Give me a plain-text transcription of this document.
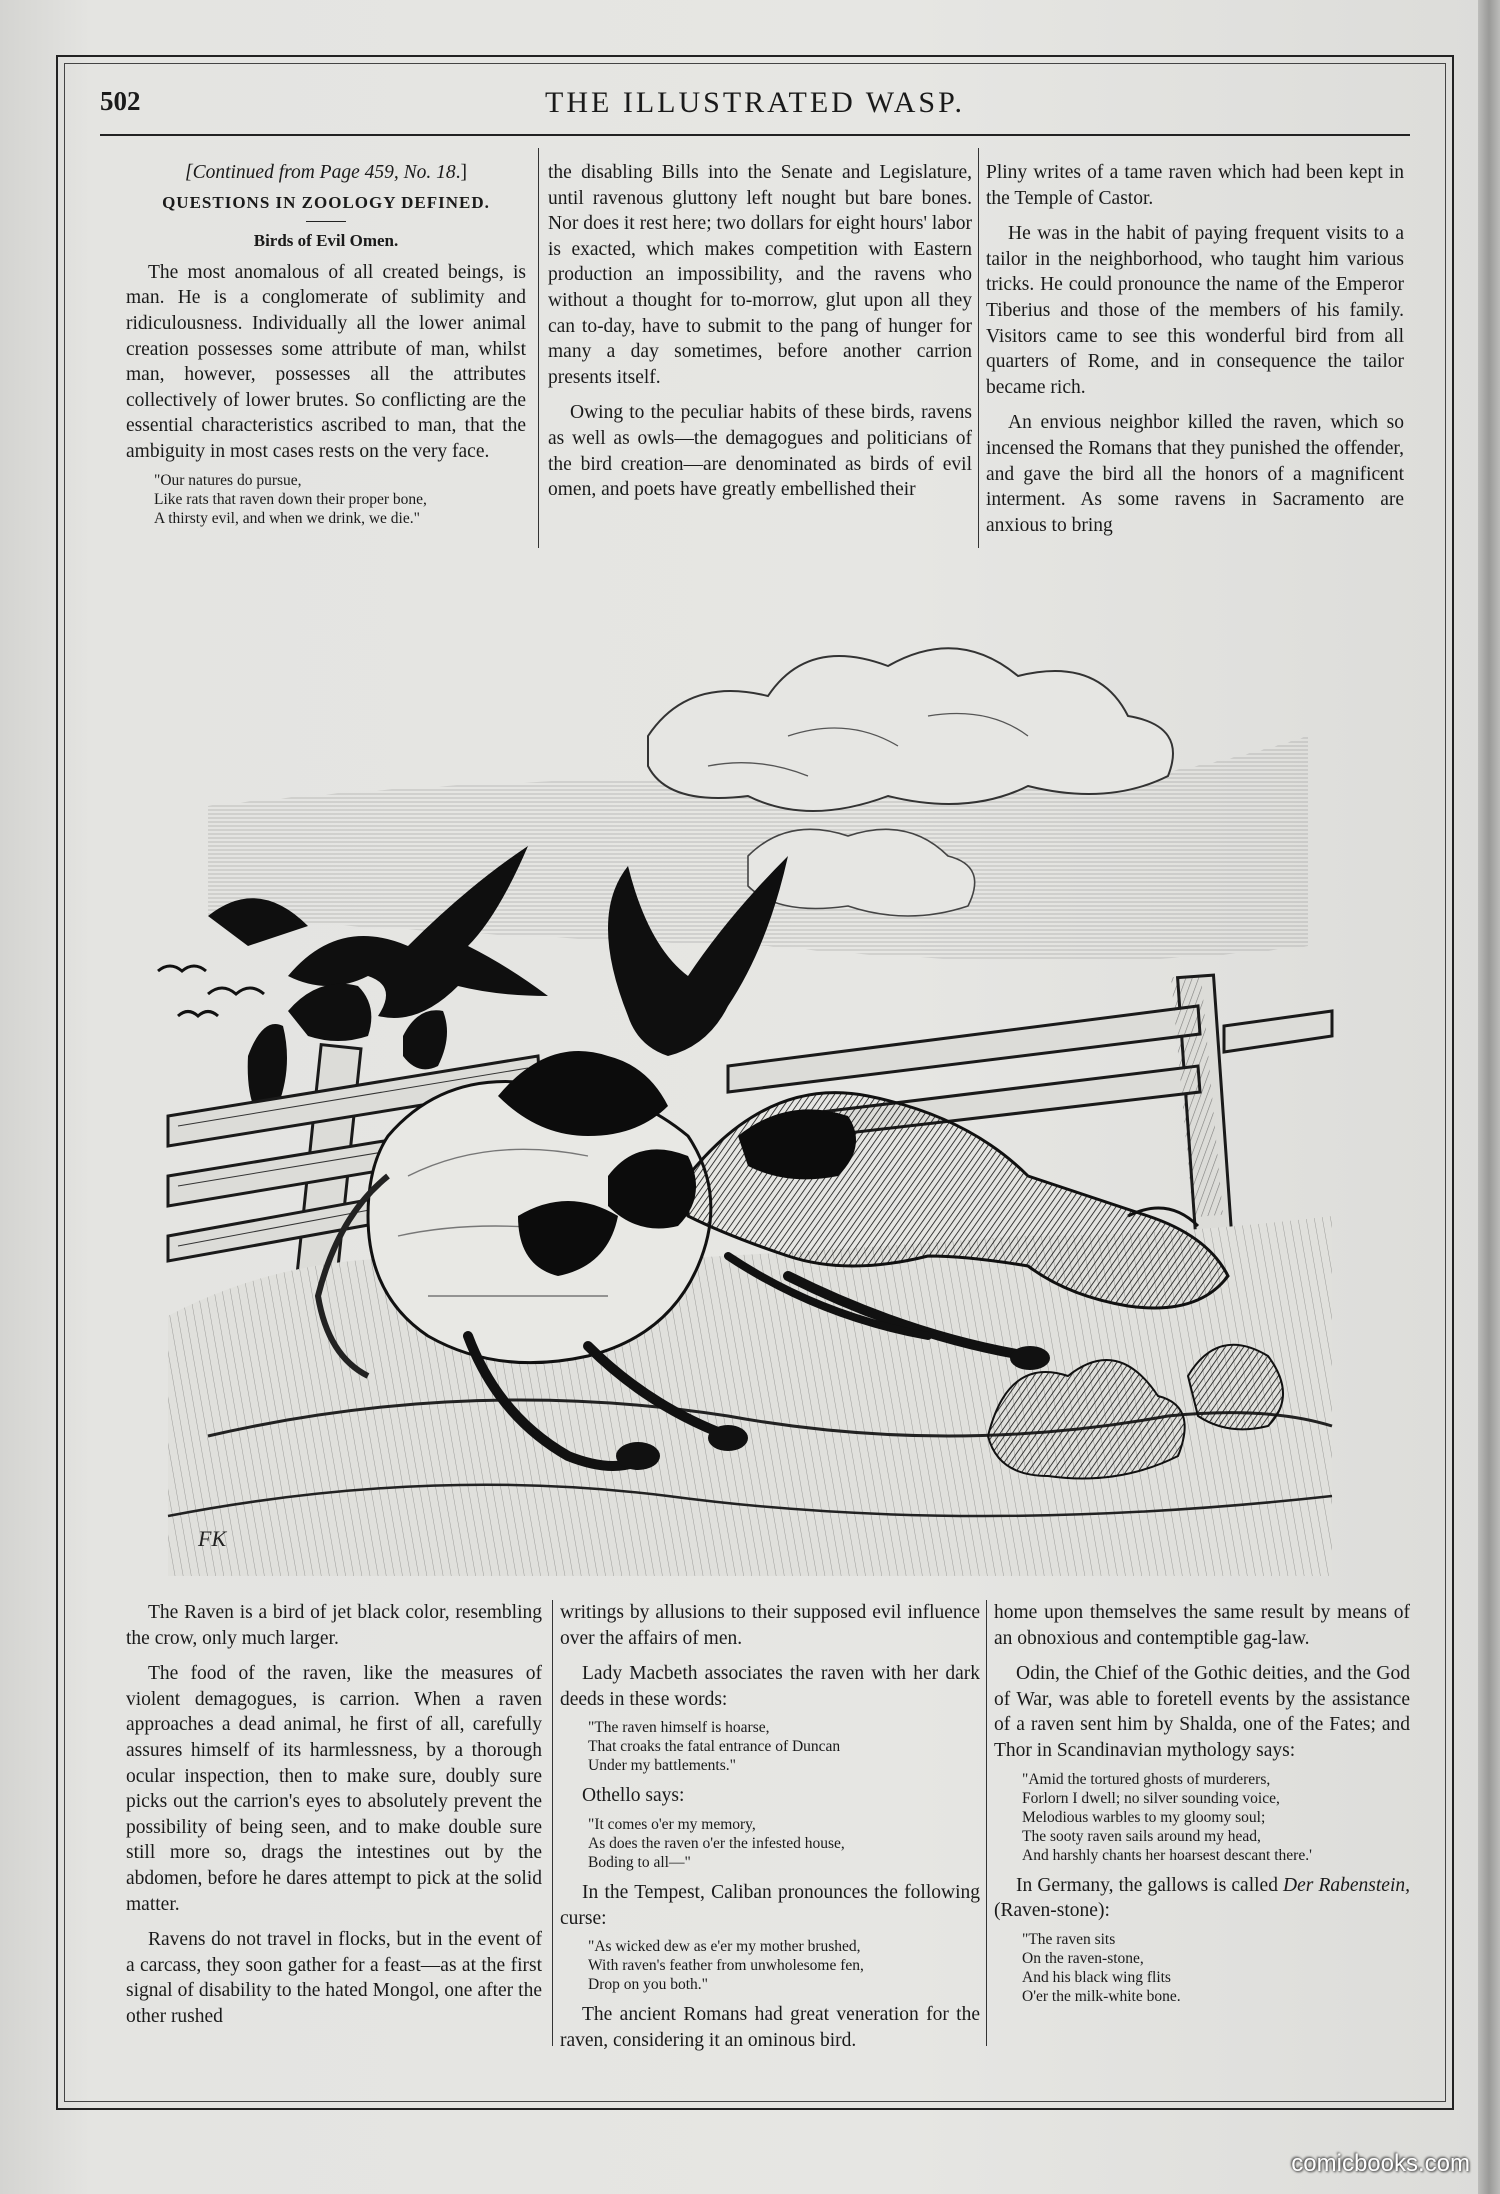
502	THE ILLUSTRATED WASP.
[Continued from Page 459, No. 18.]
QUESTIONS IN ZOOLOGY DEFINED.
Birds of Evil Omen.

The most anomalous of all created beings, is man. He is a conglomerate of sublimity and ridiculousness. Individually all the lower animal creation possesses some attribute of man, whilst man, however, possesses all the attributes collectively of lower brutes. So conflicting are the essential characteristics ascribed to man, that the ambiguity in most cases rests on the very face.

"Our natures do pursue,
Like rats that raven down their proper bone,
A thirsty evil, and when we drink, we die."

the disabling Bills into the Senate and Legislature, until ravenous gluttony left nought but bare bones. Nor does it rest here; two dollars for eight hours' labor is exacted, which makes competition with Eastern production an impossibility, and the ravens who without a thought for to-morrow, glut upon all they can to-day, have to submit to the pang of hunger for many a day sometimes, before another carrion presents itself.

Owing to the peculiar habits of these birds, ravens as well as owls—the demagogues and politicians of the bird creation—are denominated as birds of evil omen, and poets have greatly embellished their

Pliny writes of a tame raven which had been kept in the Temple of Castor.

He was in the habit of paying frequent visits to a tailor in the neighborhood, who taught him various tricks. He could pronounce the name of the Emperor Tiberius and those of the members of his family. Visitors came to see this wonderful bird from all quarters of Rome, and in consequence the tailor became rich.

An envious neighbor killed the raven, which so incensed the Romans that they punished the offender, and gave the bird all the honors of a magnificent interment. As some ravens in Sacramento are anxious to bring

FK

The Raven is a bird of jet black color, resembling the crow, only much larger.

The food of the raven, like the measures of violent demagogues, is carrion. When a raven approaches a dead animal, he first of all, carefully assures himself of its harmlessness, by a thorough ocular inspection, then to make sure, doubly sure picks out the carrion's eyes to absolutely prevent the possibility of being seen, and to make double sure still more so, drags the intestines out by the abdomen, before he dares attempt to pick at the solid matter.

Ravens do not travel in flocks, but in the event of a carcass, they soon gather for a feast—as at the first signal of disability to the hated Mongol, one after the other rushed

writings by allusions to their supposed evil influence over the affairs of men.

Lady Macbeth associates the raven with her dark deeds in these words:

"The raven himself is hoarse,
That croaks the fatal entrance of Duncan
Under my battlements."

Othello says:

"It comes o'er my memory,
As does the raven o'er the infested house,
Boding to all—"

In the Tempest, Caliban pronounces the following curse:

"As wicked dew as e'er my mother brushed,
With raven's feather from unwholesome fen,
Drop on you both."

The ancient Romans had great veneration for the raven, considering it an ominous bird.

home upon themselves the same result by means of an obnoxious and contemptible gag-law.

Odin, the Chief of the Gothic deities, and the God of War, was able to foretell events by the assistance of a raven sent him by Shalda, one of the Fates; and Thor in Scandinavian mythology says:

"Amid the tortured ghosts of murderers,
Forlorn I dwell; no silver sounding voice,
Melodious warbles to my gloomy soul;
The sooty raven sails around my head,
And harshly chants her hoarsest descant there.'

In Germany, the gallows is called Der Rabenstein, (Raven-stone):

"The raven sits
On the raven-stone,
And his black wing flits
O'er the milk-white bone.
comicbooks.com
